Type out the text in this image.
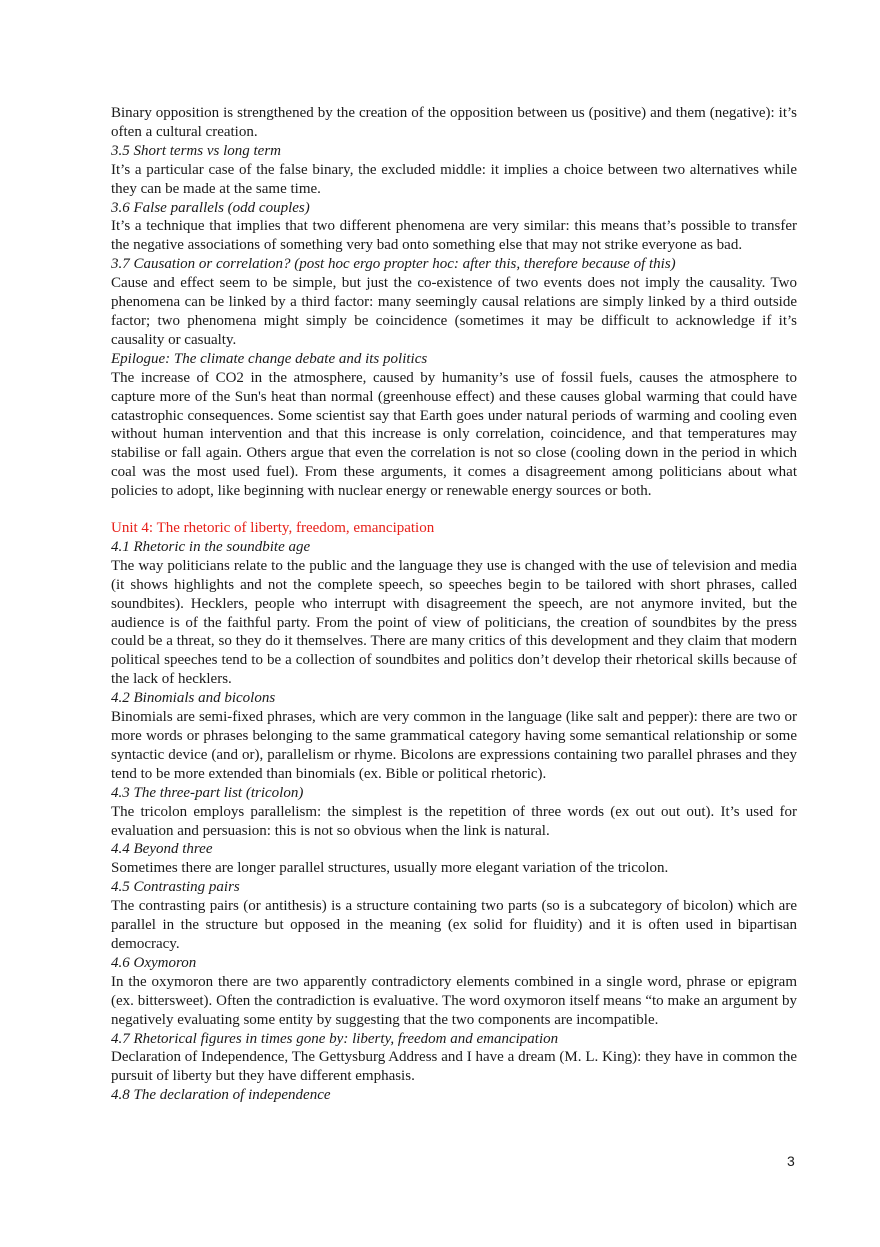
Binary opposition is strengthened by the creation of the opposition between us (positive) and them (negative): it’s often a cultural creation.

3.5 Short terms vs long term

It’s a particular case of the false binary, the excluded middle: it implies a choice between two alternatives while they can be made at the same time.

3.6 False parallels (odd couples)

It’s a technique that implies that two different phenomena are very similar: this means that’s possible to transfer the negative associations of something very bad onto something else that may not strike everyone as bad.

3.7 Causation or correlation? (post hoc ergo propter hoc: after this, therefore because of this)

Cause and effect seem to be simple, but just the co-existence of two events does not imply the causality. Two phenomena can be linked by a third factor: many seemingly causal relations are simply linked by a third outside factor; two phenomena might simply be coincidence (sometimes it may be difficult to acknowledge if it’s causality or casualty.

Epilogue: The climate change debate and its politics

The increase of CO2 in the atmosphere, caused by humanity’s use of fossil fuels, causes the atmosphere to capture more of the Sun's heat than normal (greenhouse effect) and these causes global warming that could have catastrophic consequences. Some scientist say that Earth goes under natural periods of warming and cooling even without human intervention and that this increase is only correlation, coincidence, and that temperatures may stabilise or fall again. Others argue that even the correlation is not so close (cooling down in the period in which coal was the most used fuel). From these arguments, it comes a disagreement among politicians about what policies to adopt, like beginning with nuclear energy or renewable energy sources or both.

Unit 4: The rhetoric of liberty, freedom, emancipation

4.1 Rhetoric in the soundbite age

The way politicians relate to the public and the language they use is changed with the use of television and media (it shows highlights and not the complete speech, so speeches begin to be tailored with short phrases, called soundbites). Hecklers, people who interrupt with disagreement the speech, are not anymore invited, but the audience is of the faithful party. From the point of view of politicians, the creation of soundbites by the press could be a threat, so they do it themselves. There are many critics of this development and they claim that modern political speeches tend to be a collection of soundbites and politics don’t develop their rhetorical skills because of the lack of hecklers.

4.2 Binomials and bicolons

Binomials are semi-fixed phrases, which are very common in the language (like salt and pepper): there are two or more words or phrases belonging to the same grammatical category having some semantical relationship or some syntactic device (and or), parallelism or rhyme. Bicolons are expressions containing two parallel phrases and they tend to be more extended than binomials (ex. Bible or political rhetoric).

4.3 The three-part list (tricolon)

The tricolon employs parallelism: the simplest is the repetition of three words (ex out out out). It’s used for evaluation and persuasion: this is not so obvious when the link is natural.

4.4 Beyond three

Sometimes there are longer parallel structures, usually more elegant variation of the tricolon.

4.5 Contrasting pairs

The contrasting pairs (or antithesis) is a structure containing two parts (so is a subcategory of bicolon) which are parallel in the structure but opposed in the meaning (ex solid for fluidity) and it is often used in bipartisan democracy.

4.6 Oxymoron

In the oxymoron there are two apparently contradictory elements combined in a single word, phrase or epigram (ex. bittersweet). Often the contradiction is evaluative. The word oxymoron itself means “to make an argument by negatively evaluating some entity by suggesting that the two components are incompatible.

4.7 Rhetorical figures in times gone by: liberty, freedom and emancipation

Declaration of Independence, The Gettysburg Address and I have a dream (M. L. King): they have in common the pursuit of liberty but they have different emphasis.

4.8 The declaration of independence

3
